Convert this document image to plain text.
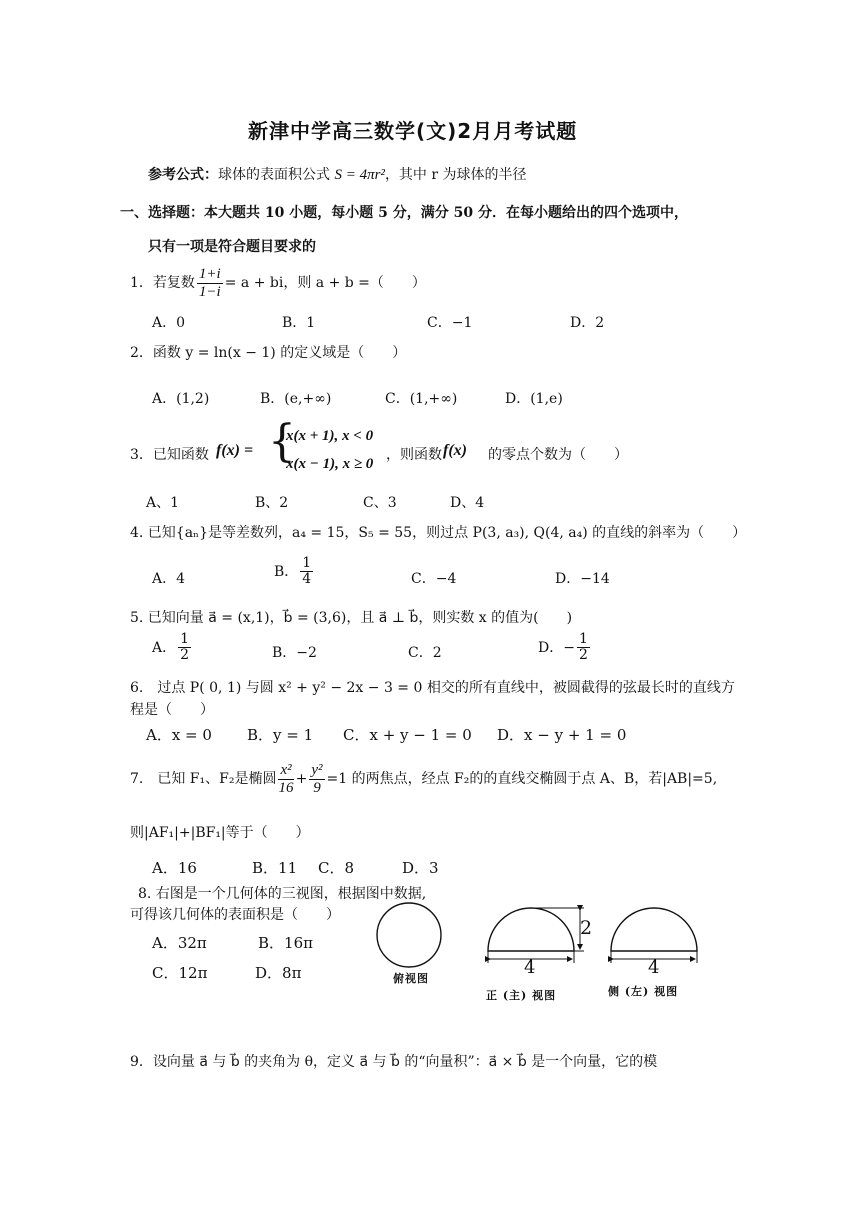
新津中学高三数学(文)2月月考试题
参考公式：球体的表面积公式 S = 4πr²，其中 r 为球体的半径
一、选择题：本大题共 10 小题，每小题 5 分，满分 50 分．在每小题给出的四个选项中，
只有一项是符合题目要求的
1．若复数 $\frac{1+i}{1-i} = a$ + bi，则 a + b =（　　）
A．0	B．1	C．−1	D．2
2．函数 y = ln(x − 1) 的定义域是（　　）
A．(1,2)	B．(e,+∞)	C．(1,+∞)	D．(1,e)
3．已知函数 f(x) = {
x(x + 1), x < 0
x(x − 1), x ≥ 0
，则函数 f(x) 的零点个数为（　　）
A、1	B、2	C、3	D、4
4. 已知{aₙ}是等差数列，a₄ = 15，S₅ = 55，则过点 P(3, a₃), Q(4, a₄) 的直线的斜率为（　　）
A．4	B． $\frac{1}{4}$	C．−4	D．−14
5. 已知向量 a⃗ = (x,1)，b⃗ = (3,6)，且 a⃗ ⊥ b⃗，则实数 x 的值为(　　)
A． $\frac{1}{2}$	B．−2	C．2	D．− $\frac{1}{2}$
6.　过点 P( 0, 1) 与圆 x² + y² − 2x − 3 = 0 相交的所有直线中，被圆截得的弦最长时的直线方
程是（　　）
A．x = 0 B．y = 1 C．x + y − 1 = 0 D．x − y + 1 = 0
7.　已知 F₁、F₂是椭圆 $\frac{\text{x²}}{16} + \frac{\text{y²}}{9} =1$ 的两焦点，经点 F₂的的直线交椭圆于点 A、B，若|AB|=5,
则|AF₁|+|BF₁|等于（　　）
A．16	B．11 C．8	D．3
8. 右图是一个几何体的三视图，根据图中数据,
可得该几何体的表面积是（　　）
A．32π	B．16π
C．12π	D．8π
2
4	4
俯视图
正 (主) 视图	侧 (左) 视图
9．设向量 a⃗ 与 b⃗ 的夹角为 θ，定义 a⃗ 与 b⃗ 的“向量积”：a⃗ × b⃗ 是一个向量，它的模
